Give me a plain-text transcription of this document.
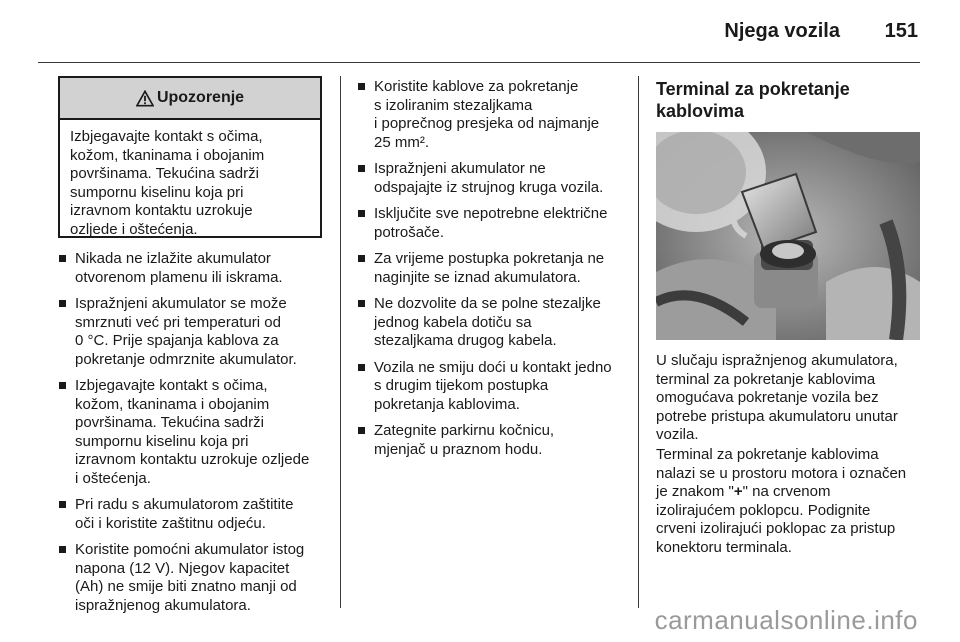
Njega vozila 151
Upozorenje
Izbjegavajte kontakt s očima,
kožom, tkaninama i obojanim
površinama. Tekućina sadrži
sumpornu kiselinu koja pri
izravnom kontaktu uzrokuje
ozljede i oštećenja.
Nikada ne izlažite akumulator
otvorenom plamenu ili iskrama.
Ispražnjeni akumulator se može
smrznuti već pri temperaturi od
0 °C. Prije spajanja kablova za
pokretanje odmrznite akumulator.
Izbjegavajte kontakt s očima,
kožom, tkaninama i obojanim
površinama. Tekućina sadrži
sumpornu kiselinu koja pri
izravnom kontaktu uzrokuje ozljede
i oštećenja.
Pri radu s akumulatorom zaštitite
oči i koristite zaštitnu odjeću.
Koristite pomoćni akumulator istog
napona (12 V). Njegov kapacitet
(Ah) ne smije biti znatno manji od
ispražnjenog akumulatora.
Koristite kablove za pokretanje
s izoliranim stezaljkama
i poprečnog presjeka od najmanje
25 mm².
Ispražnjeni akumulator ne
odspajajte iz strujnog kruga vozila.
Isključite sve nepotrebne električne
potrošače.
Za vrijeme postupka pokretanja ne
naginjite se iznad akumulatora.
Ne dozvolite da se polne stezaljke
jednog kabela dotiču sa
stezaljkama drugog kabela.
Vozila ne smiju doći u kontakt jedno
s drugim tijekom postupka
pokretanja kablovima.
Zategnite parkirnu kočnicu,
mjenjač u praznom hodu.
Terminal za pokretanje
kablovima
U slučaju ispražnjenog akumulatora,
terminal za pokretanje kablovima
omogućava pokretanje vozila bez
potrebe pristupa akumulatoru unutar
vozila.
Terminal za pokretanje kablovima
nalazi se u prostoru motora i označen
je znakom "+" na crvenom
izolirajućem poklopcu. Podignite
crveni izolirajući poklopac za pristup
konektoru terminala.
carmanualsonline.info
